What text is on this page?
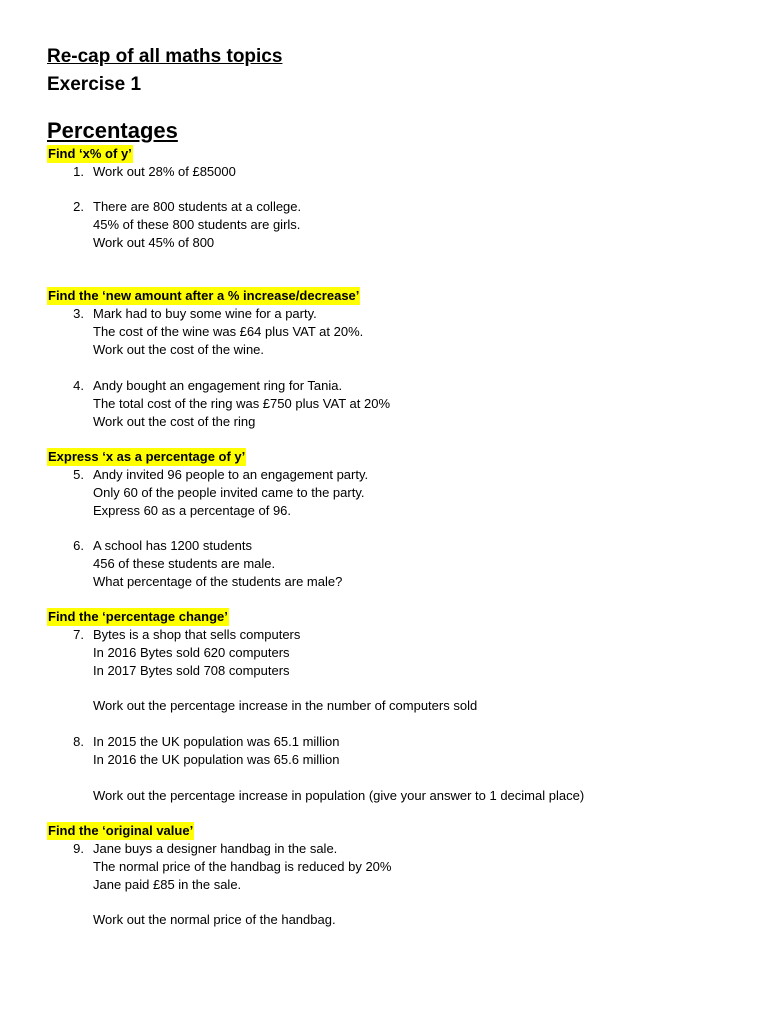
Re-cap of all maths topics
Exercise 1
Percentages
Find ‘x% of y’
1. Work out 28% of £85000
2. There are 800 students at a college.
45% of these 800 students are girls.
Work out 45% of 800
Find the ‘new amount after a % increase/decrease’
3. Mark had to buy some wine for a party.
The cost of the wine was £64 plus VAT at 20%.
Work out the cost of the wine.
4. Andy bought an engagement ring for Tania.
The total cost of the ring was £750 plus VAT at 20%
Work out the cost of the ring
Express ‘x as a percentage of y’
5. Andy invited 96 people to an engagement party.
Only 60 of the people invited came to the party.
Express 60 as a percentage of 96.
6. A school has 1200 students
456 of these students are male.
What percentage of the students are male?
Find the ‘percentage change’
7. Bytes is a shop that sells computers
In 2016 Bytes sold 620 computers
In 2017 Bytes sold 708 computers
Work out the percentage increase in the number of computers sold
8. In 2015 the UK population was 65.1 million
In 2016 the UK population was 65.6 million
Work out the percentage increase in population (give your answer to 1 decimal place)
Find the ‘original value’
9. Jane buys a designer handbag in the sale.
The normal price of the handbag is reduced by 20%
Jane paid £85 in the sale.
Work out the normal price of the handbag.
